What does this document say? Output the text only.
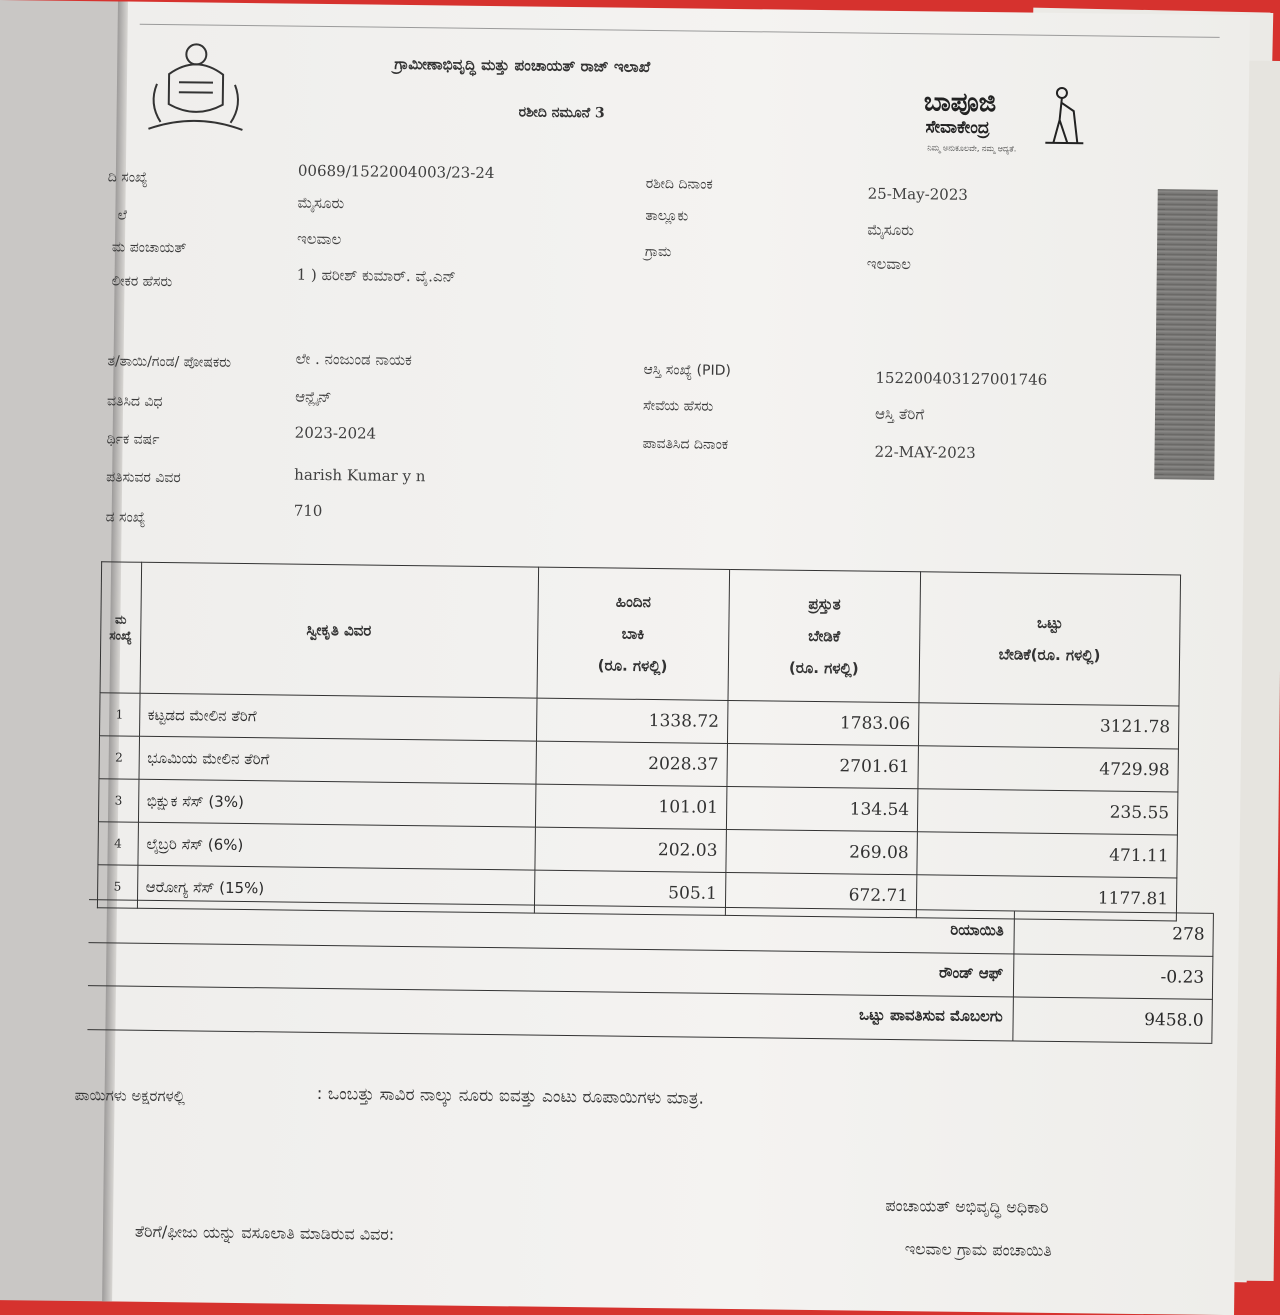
ಗ್ರಾಮೀಣಾಭಿವೃದ್ಧಿ ಮತ್ತು ಪಂಚಾಯತ್ ರಾಜ್ ಇಲಾಖೆ
ರಶೀದಿ ನಮೂನೆ 3	ಬಾಪೂಜಿ
ಸೇವಾಕೇಂದ್ರ
ನಿಮ್ಮ ಅನುಕೂಲವೇ, ನಮ್ಮ ಆದ್ಯತೆ.
ದಿ ಸಂಖ್ಯೆ	00689/1522004003/23-24
ಲೆ
ಮೈಸೂರು
ಮ ಪಂಚಾಯತ್	ಇಲವಾಲ
ಲೀಕರ ಹೆಸರು	1 ) ಹರೀಶ್ ಕುಮಾರ್. ವೈ.ಎನ್
ರಶೀದಿ ದಿನಾಂಕ
25-May-2023
ತಾಲ್ಲೂಕು
ಮೈಸೂರು
ಗ್ರಾಮ
ಇಲವಾಲ
ತ/ತಾಯಿ/ಗಂಡ/ ಪೋಷಕರು	ಲೇ . ನಂಜುಂಡ ನಾಯಕ
ವತಿಸಿದ ವಿಧ	ಆನ್ಲೈನ್
ರ್ಥಿಕ ವರ್ಷ	2023-2024
ಪತಿಸುವರ ವಿವರ	harish Kumar y n
ಡ ಸಂಖ್ಯೆ	710
ಆಸ್ತಿ ಸಂಖ್ಯೆ (PID)	152200403127001746
ಸೇವೆಯ ಹೆಸರು	ಆಸ್ತಿ ತೆರಿಗೆ
ಪಾವತಿಸಿದ ದಿನಾಂಕ	22-MAY-2023
ಮ ಸಂಖ್ಯೆ	ಸ್ವೀಕೃತಿ ವಿವರ	ಹಿಂದಿನ
ಬಾಕಿ
(ರೂ. ಗಳಲ್ಲಿ)	ಪ್ರಸ್ತುತ
ಬೇಡಿಕೆ
(ರೂ. ಗಳಲ್ಲಿ)	ಒಟ್ಟು
ಬೇಡಿಕೆ(ರೂ. ಗಳಲ್ಲಿ)
1	ಕಟ್ಟಡದ ಮೇಲಿನ ತೆರಿಗೆ	1338.72	1783.06	3121.78
2	ಭೂಮಿಯ ಮೇಲಿನ ತೆರಿಗೆ	2028.37	2701.61	4729.98
3	ಭಿಕ್ಷುಕ ಸೆಸ್ (3%)	101.01	134.54	235.55
4	ಲೈಬ್ರರಿ ಸೆಸ್ (6%)	202.03	269.08	471.11
5	ಆರೋಗ್ಯ ಸೆಸ್ (15%)	505.1	672.71	1177.81
ರಿಯಾಯಿತಿ	278
ರೌಂಡ್ ಆಫ್	-0.23
ಒಟ್ಟು ಪಾವತಿಸುವ ಮೊಬಲಗು	9458.0
ಪಾಯಿಗಳು ಅಕ್ಷರಗಳಲ್ಲಿ	: ಒಂಬತ್ತು ಸಾವಿರ ನಾಲ್ಕು ನೂರು ಐವತ್ತು ಎಂಟು ರೂಪಾಯಿಗಳು ಮಾತ್ರ.
ಪಂಚಾಯತ್ ಅಭಿವೃದ್ಧಿ ಅಧಿಕಾರಿ
ಇಲವಾಲ ಗ್ರಾಮ ಪಂಚಾಯಿತಿ
ತೆರಿಗೆ/ಫೀಜು ಯನ್ನು ವಸೂಲಾತಿ ಮಾಡಿರುವ ವಿವರ:
